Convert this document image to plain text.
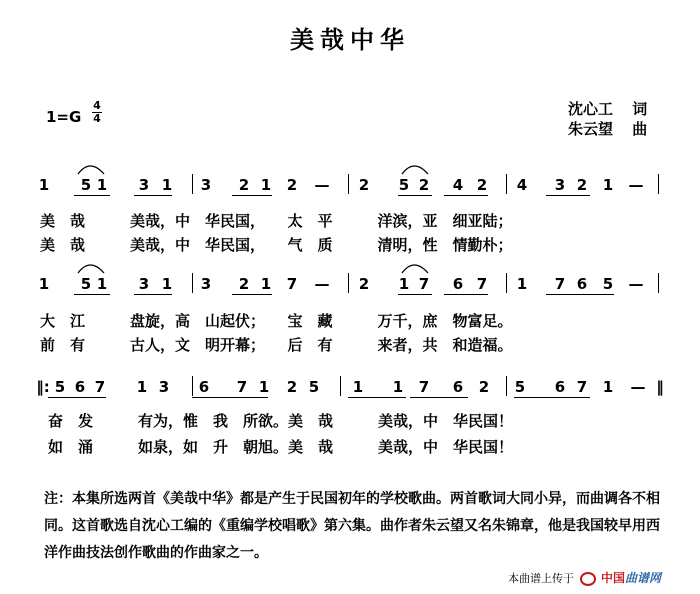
美哉中华
1=G
4
4
沈心工 词
朱云望 曲
1 5 1 3 1 3 2 1 2 — 2 5 2 4 2 4 3 2 1 —
1 5 1 3 1 3 2 1 7 — 2 1 7 6 7 1 7 6 5 —
‖: 5 6 7 1 3 6 7 1 2 5 1 1 7 6 2 5 6 7 1 — ‖
美　哉　　　美哉，中　华民国，　　太　平　　　洋滨，亚　细亚陆；
美　哉　　　美哉，中　华民国，　　气　质　　　清明，性　情勤朴；
大　江　　　盘旋，高　山起伏；　　宝　藏　　　万千，庶　物富足。
前　有　　　古人，文　明开幕；　　后　有　　　来者，共　和造福。
奋　发　　　有为，惟　我　所欲。美　哉　　　美哉，中　华民国！
如　涌　　　如泉，如　升　朝旭。美　哉　　　美哉，中　华民国！
注：本集所选两首《美哉中华》都是产生于民国初年的学校歌曲。两首歌词大同小异，而曲调各不相同。这首歌选自沈心工编的《重编学校唱歌》第六集。曲作者朱云望又名朱锦章，他是我国较早用西洋作曲技法创作歌曲的作曲家之一。
本曲谱上传于 中国曲谱网
